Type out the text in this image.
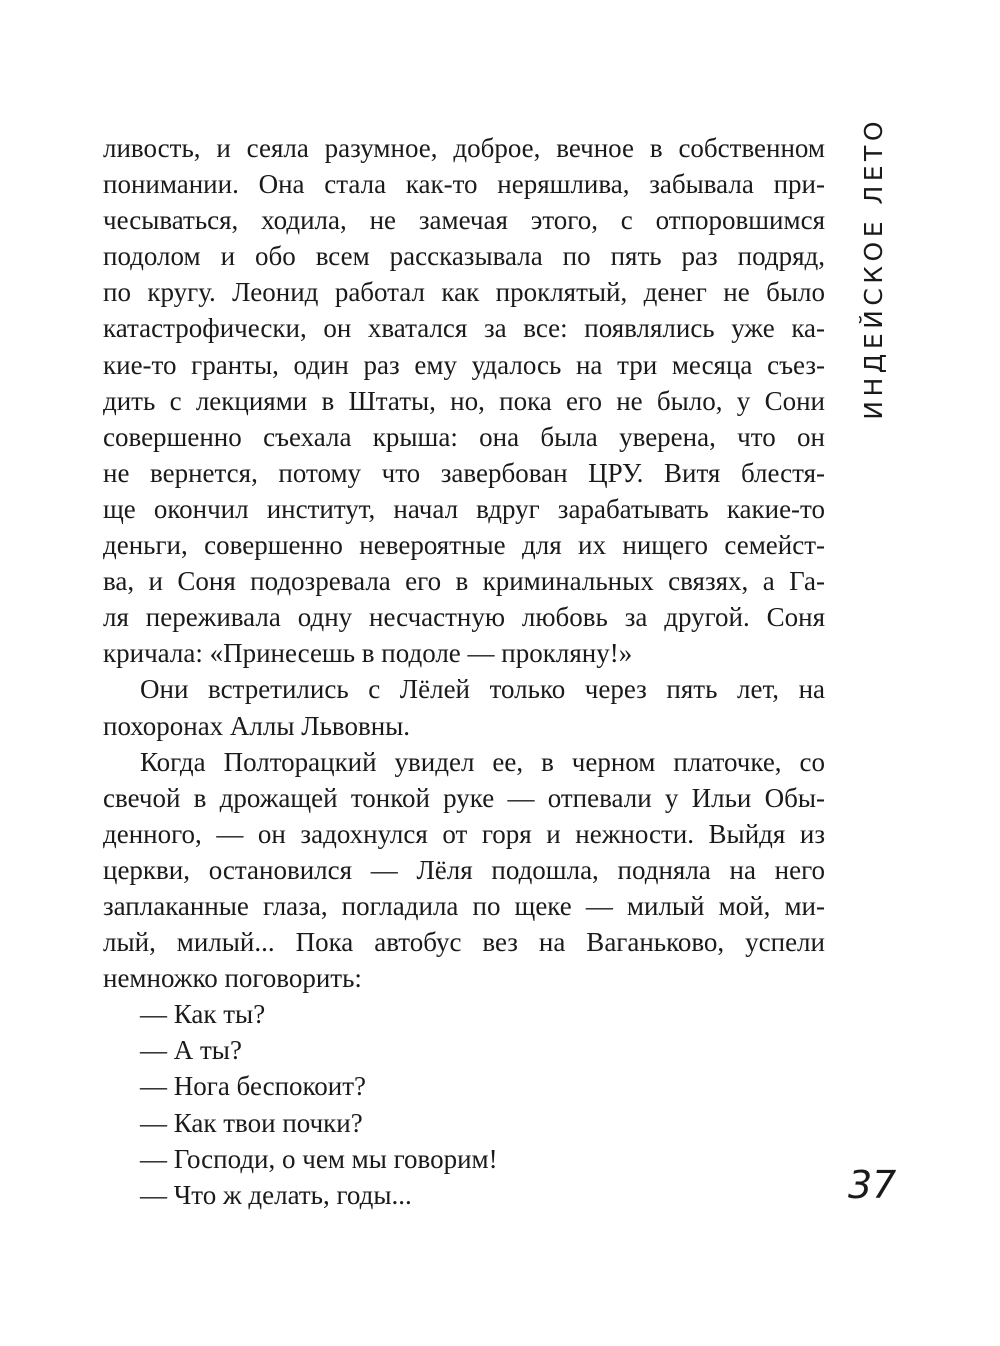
ливость, и сеяла разумное, доброе, вечное в собственном
понимании. Она стала как-то неряшлива, забывала при-
чесываться, ходила, не замечая этого, с отпоровшимся
подолом и обо всем рассказывала по пять раз подряд,
по кругу. Леонид работал как проклятый, денег не было
катастрофически, он хватался за все: появлялись уже ка-
кие-то гранты, один раз ему удалось на три месяца съез-
дить с лекциями в Штаты, но, пока его не было, у Сони
совершенно съехала крыша: она была уверена, что он
не вернется, потому что завербован ЦРУ. Витя блестя-
ще окончил институт, начал вдруг зарабатывать какие-то
деньги, совершенно невероятные для их нищего семейст-
ва, и Соня подозревала его в криминальных связях, а Га-
ля переживала одну несчастную любовь за другой. Соня
кричала: «Принесешь в подоле — прокляну!»
Они встретились с Лёлей только через пять лет, на
похоронах Аллы Львовны.
Когда Полторацкий увидел ее, в черном платочке, со
свечой в дрожащей тонкой руке — отпевали у Ильи Обы-
денного, — он задохнулся от горя и нежности. Выйдя из
церкви, остановился — Лёля подошла, подняла на него
заплаканные глаза, погладила по щеке — милый мой, ми-
лый, милый... Пока автобус вез на Ваганьково, успели
немножко поговорить:
— Как ты?
— А ты?
— Нога беспокоит?
— Как твои почки?
— Господи, о чем мы говорим!
— Что ж делать, годы...
ИНДЕЙСКОЕ ЛЕТО
37
